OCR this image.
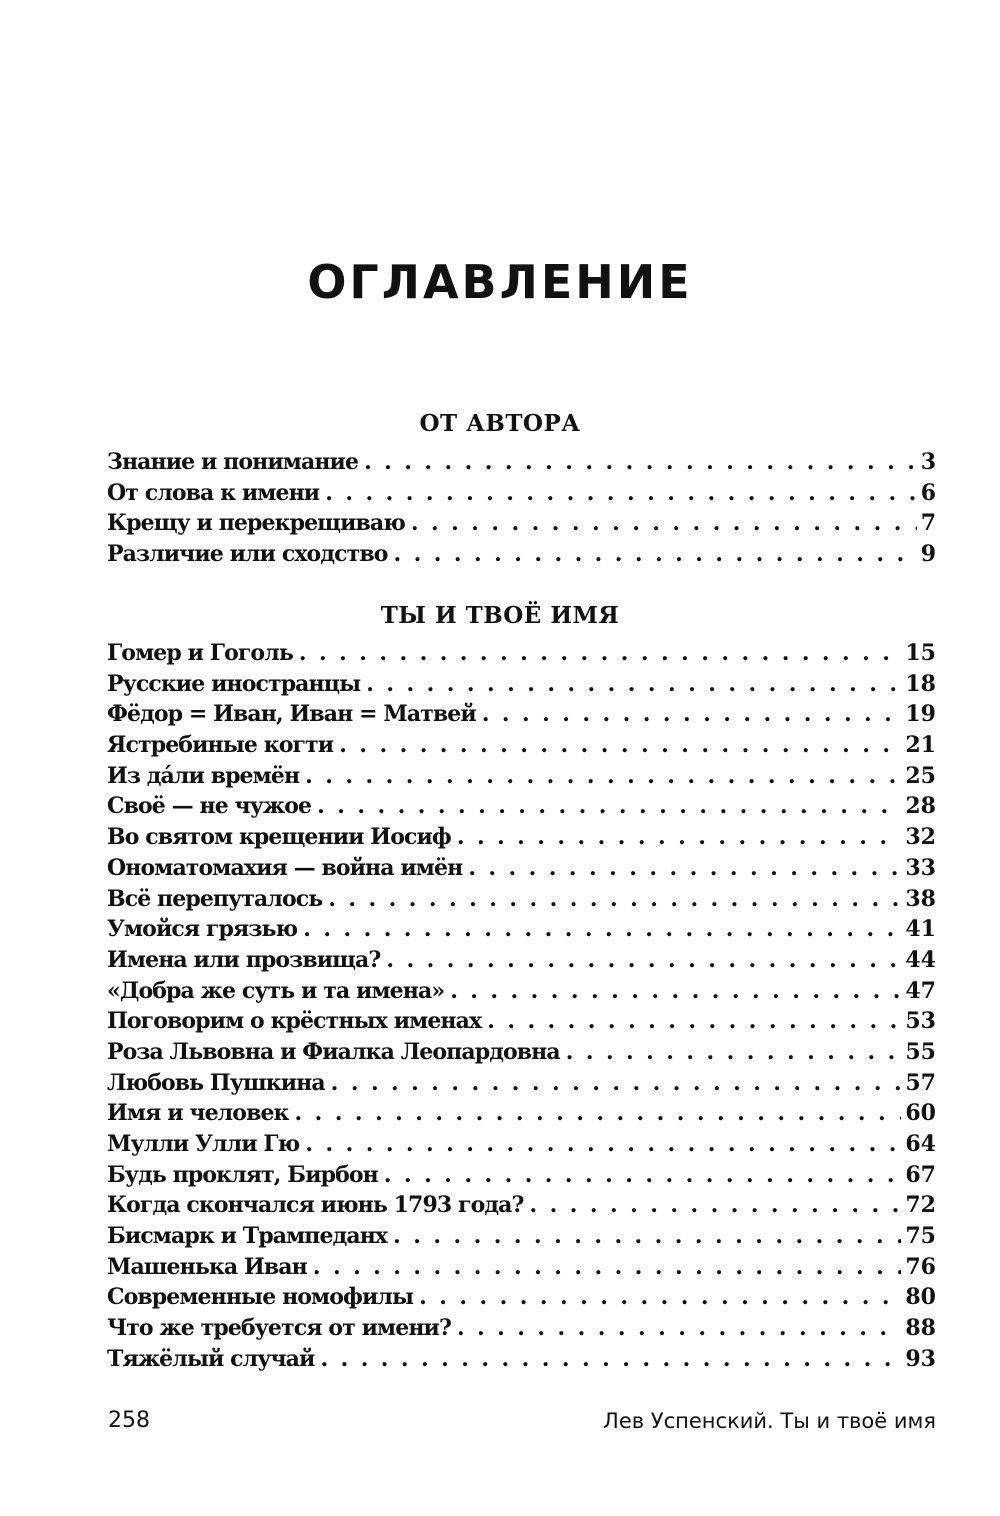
ОГЛАВЛЕНИЕ
ОТ АВТОРА
Знание и понимание . . .	3
От слова к имени . . .	6
Крещу и перекрещиваю . . .	7
Различие или сходство . . .	9
ТЫ И ТВОЁ ИМЯ
Гомер и Гоголь . . .	15
Русские иностранцы . . .	18
Фёдор = Иван, Иван = Матвей . . .	19
Ястребиные когти . . .	21
Из да́ли времён . . .	25
Своё — не чужое . . .	28
Во святом крещении Иосиф . . .	32
Ономатомахия — война имён . . .	33
Всё перепуталось . . .	38
Умойся грязью . . .	41
Имена или прозвища? . . .	44
«Добра же суть и та имена» . . .	47
Поговорим о крёстных именах . . .	53
Роза Львовна и Фиалка Леопардовна . . .	55
Любовь Пушкина . . .	57
Имя и человек . . .	60
Мулли Улли Гю . . .	64
Будь проклят, Бирбон . . .	67
Когда скончался июнь 1793 года? . . .	72
Бисмарк и Трампеданх . . .	75
Машенька Иван . . .	76
Современные номофилы . . .	80
Что же требуется от имени? . . .	88
Тяжёлый случай . . .	93
258	Лев Успенский. Ты и твоё имя
